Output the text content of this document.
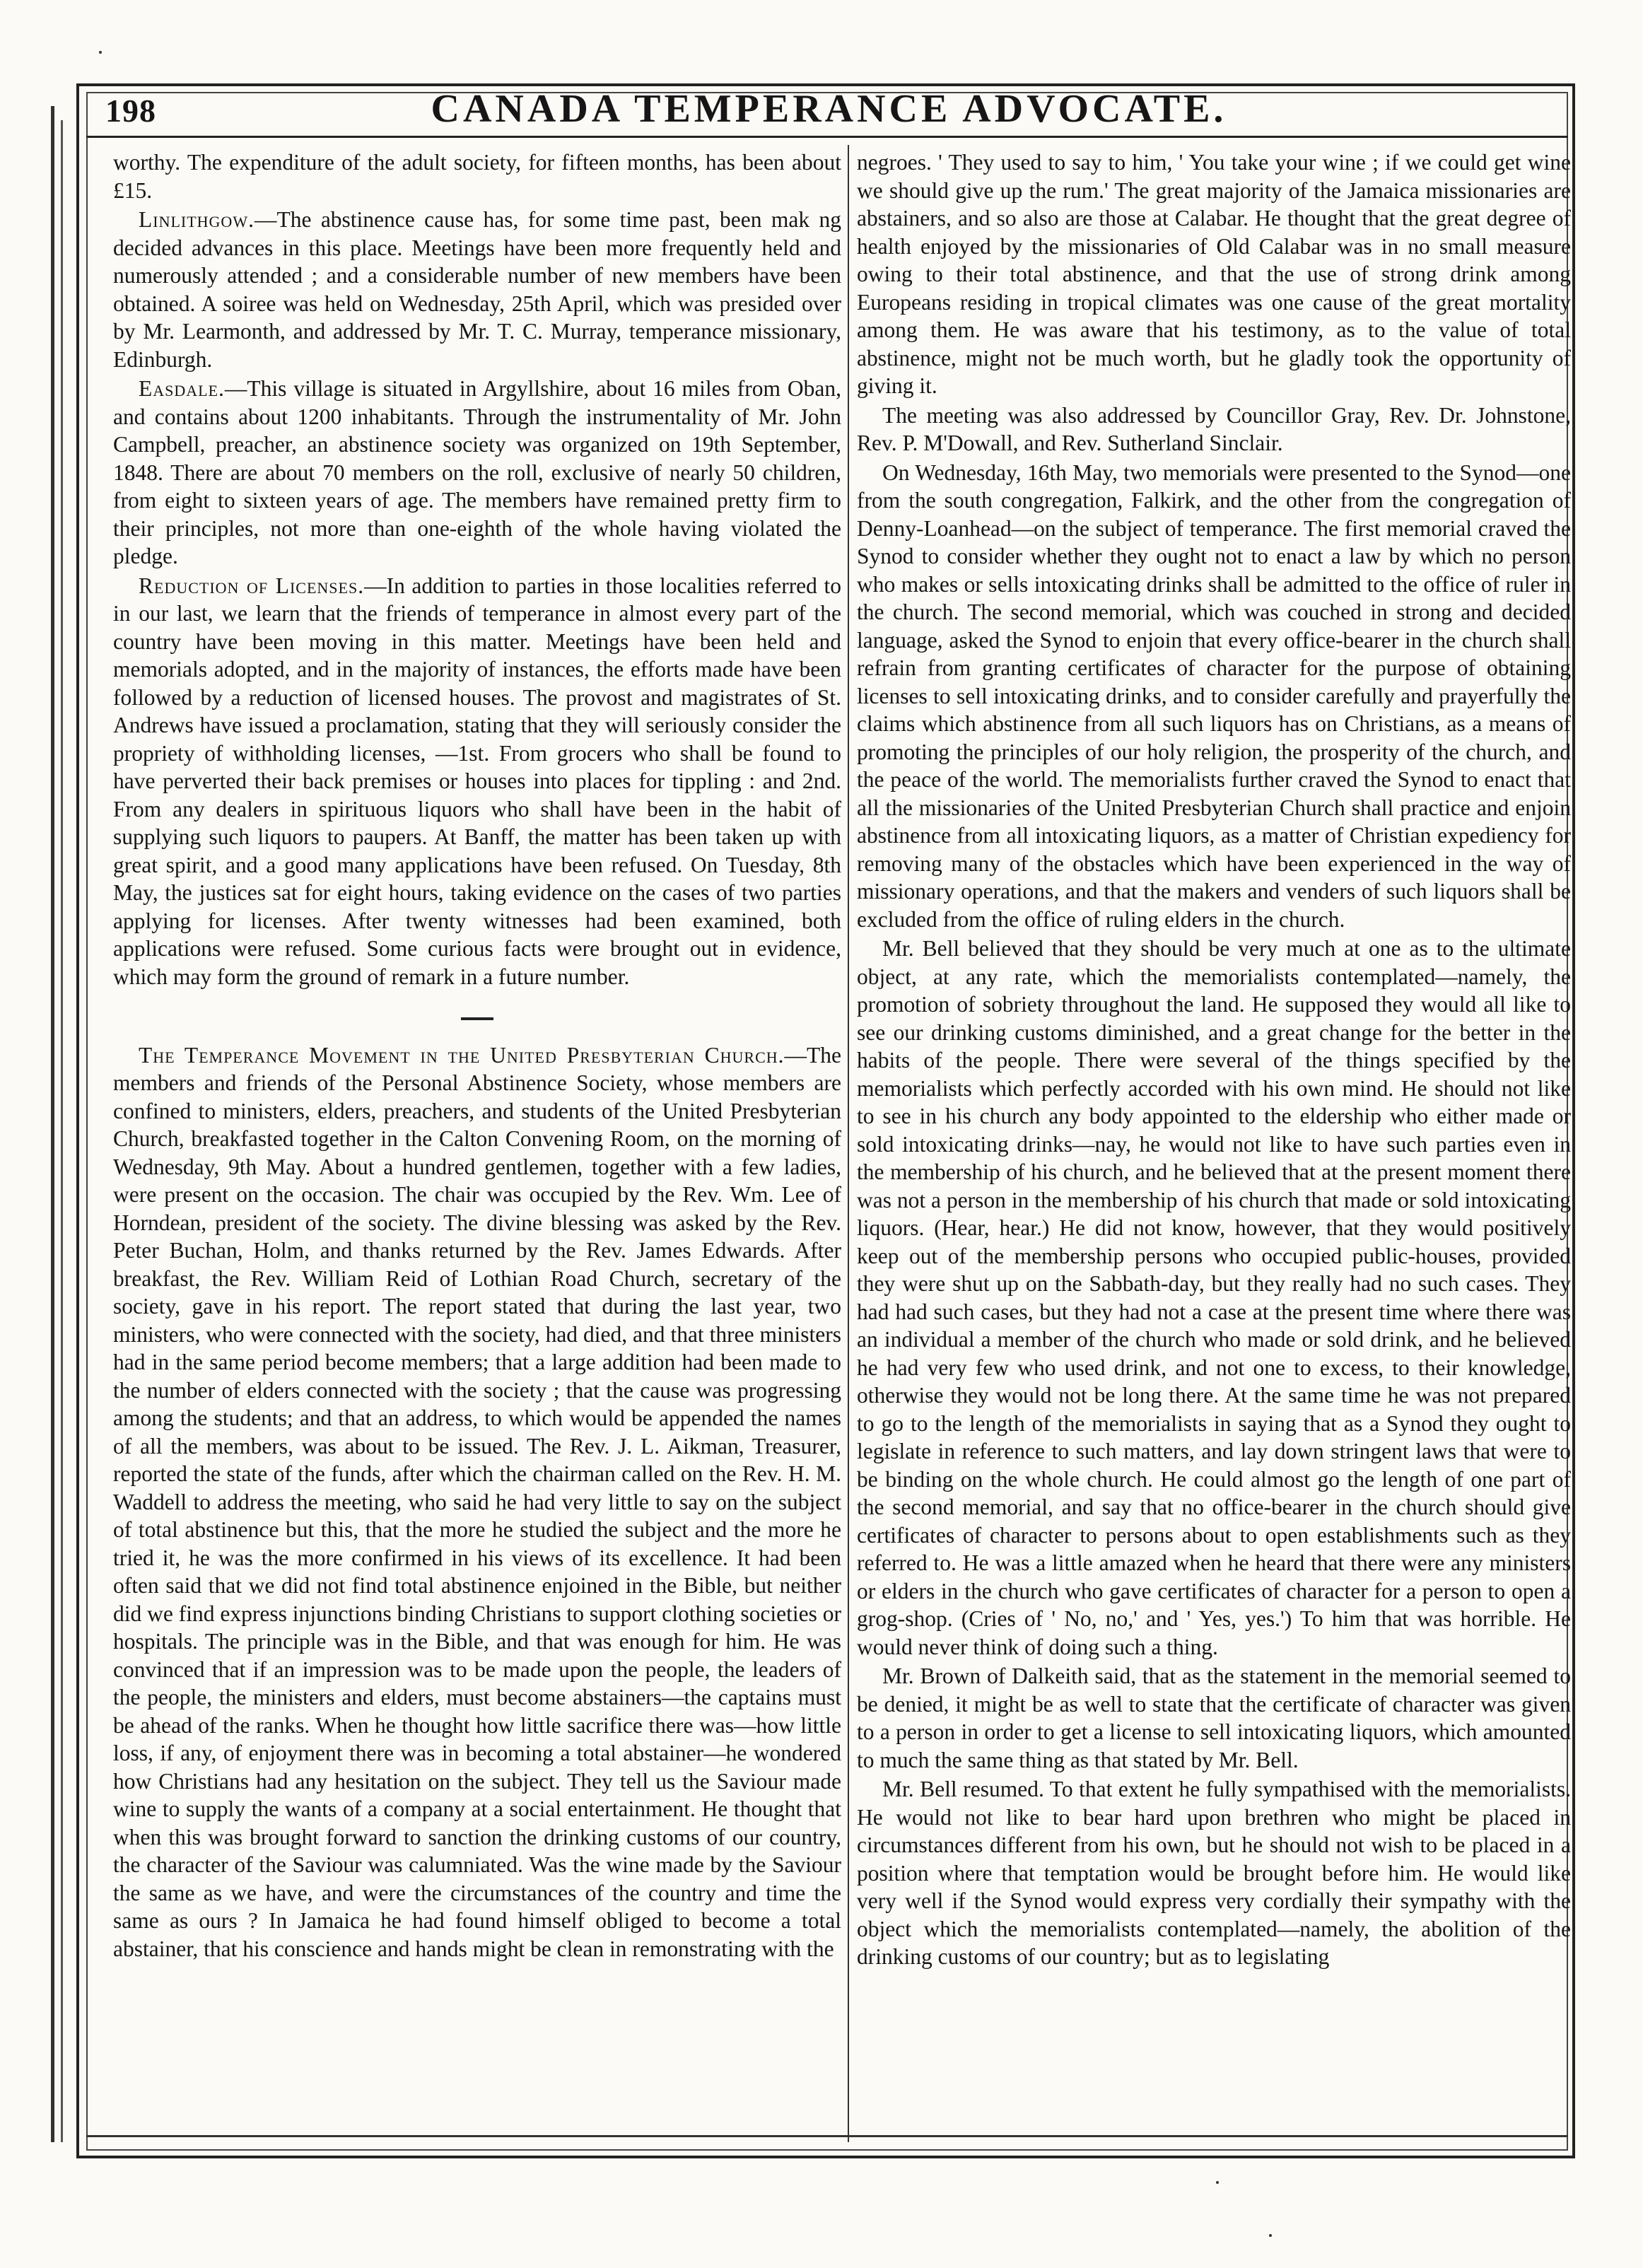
198	CANADA TEMPERANCE ADVOCATE.

worthy. The expenditure of the adult society, for fifteen months, has been about £15.

Linlithgow.—The abstinence cause has, for some time past, been mak ng decided advances in this place. Meetings have been more frequently held and numerously attended ; and a considerable number of new members have been obtained. A soiree was held on Wednesday, 25th April, which was presided over by Mr. Learmonth, and addressed by Mr. T. C. Murray, temperance missionary, Edinburgh.

Easdale.—This village is situated in Argyllshire, about 16 miles from Oban, and contains about 1200 inhabitants. Through the instrumentality of Mr. John Campbell, preacher, an abstinence society was organized on 19th September, 1848. There are about 70 members on the roll, exclusive of nearly 50 children, from eight to sixteen years of age. The members have remained pretty firm to their principles, not more than one-eighth of the whole having violated the pledge.

Reduction of Licenses.—In addition to parties in those localities referred to in our last, we learn that the friends of temperance in almost every part of the country have been moving in this matter. Meetings have been held and memorials adopted, and in the majority of instances, the efforts made have been followed by a reduction of licensed houses. The provost and magistrates of St. Andrews have issued a proclamation, stating that they will seriously consider the propriety of withholding licenses, —1st. From grocers who shall be found to have perverted their back premises or houses into places for tippling : and 2nd. From any dealers in spirituous liquors who shall have been in the habit of supplying such liquors to paupers. At Banff, the matter has been taken up with great spirit, and a good many applications have been refused. On Tuesday, 8th May, the justices sat for eight hours, taking evidence on the cases of two parties applying for licenses. After twenty witnesses had been examined, both applications were refused. Some curious facts were brought out in evidence, which may form the ground of remark in a future number.

The Temperance Movement in the United Presbyterian Church.—The members and friends of the Personal Abstinence Society, whose members are confined to ministers, elders, preachers, and students of the United Presbyterian Church, breakfasted together in the Calton Convening Room, on the morning of Wednesday, 9th May. About a hundred gentlemen, together with a few ladies, were present on the occasion. The chair was occupied by the Rev. Wm. Lee of Horndean, president of the society. The divine blessing was asked by the Rev. Peter Buchan, Holm, and thanks returned by the Rev. James Edwards. After breakfast, the Rev. William Reid of Lothian Road Church, secretary of the society, gave in his report. The report stated that during the last year, two ministers, who were connected with the society, had died, and that three ministers had in the same period become members; that a large addition had been made to the number of elders connected with the society ; that the cause was progressing among the students; and that an address, to which would be appended the names of all the members, was about to be issued. The Rev. J. L. Aikman, Treasurer, reported the state of the funds, after which the chairman called on the Rev. H. M. Waddell to address the meeting, who said he had very little to say on the subject of total abstinence but this, that the more he studied the subject and the more he tried it, he was the more confirmed in his views of its excellence. It had been often said that we did not find total abstinence enjoined in the Bible, but neither did we find express injunctions binding Christians to support clothing societies or hospitals. The principle was in the Bible, and that was enough for him. He was convinced that if an impression was to be made upon the people, the leaders of the people, the ministers and elders, must become abstainers—the captains must be ahead of the ranks. When he thought how little sacrifice there was—how little loss, if any, of enjoyment there was in becoming a total abstainer—he wondered how Christians had any hesitation on the subject. They tell us the Saviour made wine to supply the wants of a company at a social entertainment. He thought that when this was brought forward to sanction the drinking customs of our country, the character of the Saviour was calumniated. Was the wine made by the Saviour the same as we have, and were the circumstances of the country and time the same as ours ? In Jamaica he had found himself obliged to become a total abstainer, that his conscience and hands might be clean in remonstrating with the

negroes. ' They used to say to him, ' You take your wine ; if we could get wine we should give up the rum.' The great majority of the Jamaica missionaries are abstainers, and so also are those at Calabar. He thought that the great degree of health enjoyed by the missionaries of Old Calabar was in no small measure owing to their total abstinence, and that the use of strong drink among Europeans residing in tropical climates was one cause of the great mortality among them. He was aware that his testimony, as to the value of total abstinence, might not be much worth, but he gladly took the opportunity of giving it.

The meeting was also addressed by Councillor Gray, Rev. Dr. Johnstone, Rev. P. M'Dowall, and Rev. Sutherland Sinclair.

On Wednesday, 16th May, two memorials were presented to the Synod—one from the south congregation, Falkirk, and the other from the congregation of Denny-Loanhead—on the subject of temperance. The first memorial craved the Synod to consider whether they ought not to enact a law by which no person who makes or sells intoxicating drinks shall be admitted to the office of ruler in the church. The second memorial, which was couched in strong and decided language, asked the Synod to enjoin that every office-bearer in the church shall refrain from granting certificates of character for the purpose of obtaining licenses to sell intoxicating drinks, and to consider carefully and prayerfully the claims which abstinence from all such liquors has on Christians, as a means of promoting the principles of our holy religion, the prosperity of the church, and the peace of the world. The memorialists further craved the Synod to enact that all the missionaries of the United Presbyterian Church shall practice and enjoin abstinence from all intoxicating liquors, as a matter of Christian expediency for removing many of the obstacles which have been experienced in the way of missionary operations, and that the makers and venders of such liquors shall be excluded from the office of ruling elders in the church.

Mr. Bell believed that they should be very much at one as to the ultimate object, at any rate, which the memorialists contemplated—namely, the promotion of sobriety throughout the land. He supposed they would all like to see our drinking customs diminished, and a great change for the better in the habits of the people. There were several of the things specified by the memorialists which perfectly accorded with his own mind. He should not like to see in his church any body appointed to the eldership who either made or sold intoxicating drinks—nay, he would not like to have such parties even in the membership of his church, and he believed that at the present moment there was not a person in the membership of his church that made or sold intoxicating liquors. (Hear, hear.) He did not know, however, that they would positively keep out of the membership persons who occupied public-houses, provided they were shut up on the Sabbath-day, but they really had no such cases. They had had such cases, but they had not a case at the present time where there was an individual a member of the church who made or sold drink, and he believed he had very few who used drink, and not one to excess, to their knowledge, otherwise they would not be long there. At the same time he was not prepared to go to the length of the memorialists in saying that as a Synod they ought to legislate in reference to such matters, and lay down stringent laws that were to be binding on the whole church. He could almost go the length of one part of the second memorial, and say that no office-bearer in the church should give certificates of character to persons about to open establishments such as they referred to. He was a little amazed when he heard that there were any ministers or elders in the church who gave certificates of character for a person to open a grog-shop. (Cries of ' No, no,' and ' Yes, yes.') To him that was horrible. He would never think of doing such a thing.

Mr. Brown of Dalkeith said, that as the statement in the memorial seemed to be denied, it might be as well to state that the certificate of character was given to a person in order to get a license to sell intoxicating liquors, which amounted to much the same thing as that stated by Mr. Bell.

Mr. Bell resumed. To that extent he fully sympathised with the memorialists. He would not like to bear hard upon brethren who might be placed in circumstances different from his own, but he should not wish to be placed in a position where that temptation would be brought before him. He would like very well if the Synod would express very cordially their sympathy with the object which the memorialists contemplated—namely, the abolition of the drinking customs of our country; but as to legislating
